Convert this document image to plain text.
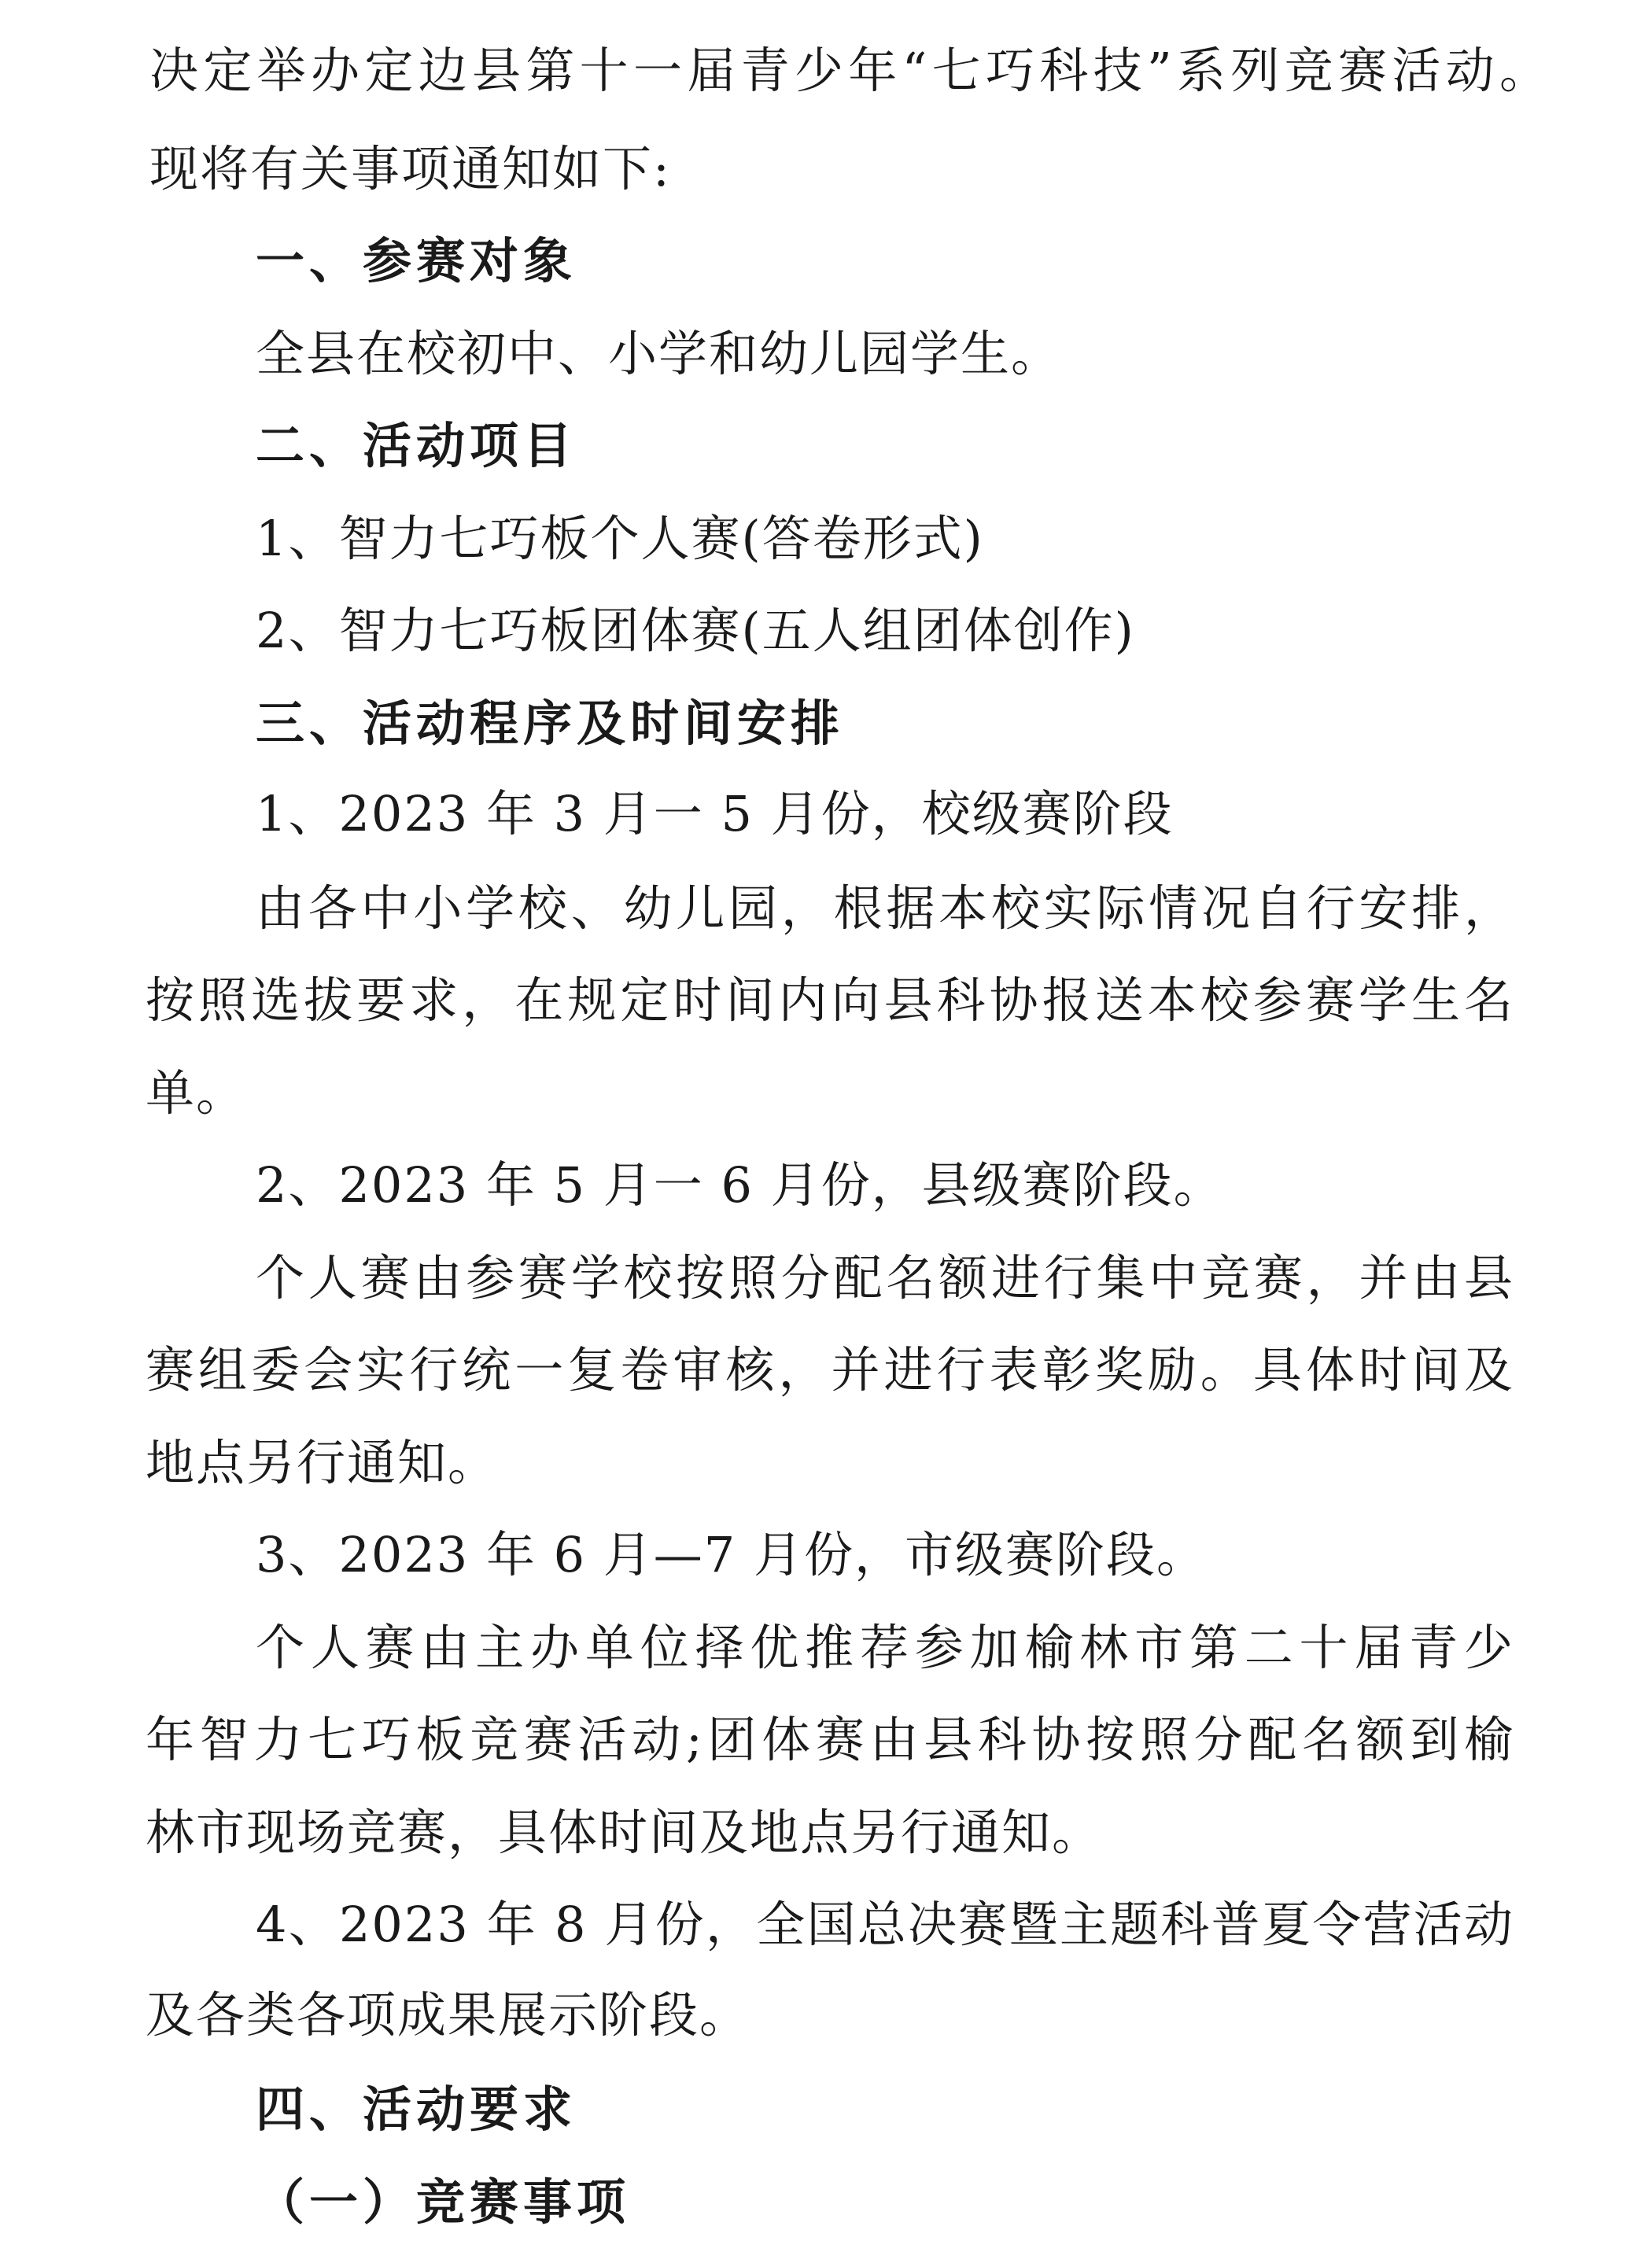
决定举办定边县第十一届青少年“七巧科技”系列竞赛活动。
现将有关事项通知如下:
一、参赛对象
全县在校初中、小学和幼儿园学生。
二、活动项目
1、智力七巧板个人赛(答卷形式)
2、智力七巧板团体赛(五人组团体创作)
三、活动程序及时间安排
1、2023 年 3 月一 5 月份，校级赛阶段
由各中小学校、幼儿园，根据本校实际情况自行安排，
按照选拔要求，在规定时间内向县科协报送本校参赛学生名
单。
2、2023 年 5 月一 6 月份，县级赛阶段。
个人赛由参赛学校按照分配名额进行集中竞赛，并由县
赛组委会实行统一复卷审核，并进行表彰奖励。具体时间及
地点另行通知。
3、2023 年 6 月—7 月份，市级赛阶段。
个人赛由主办单位择优推荐参加榆林市第二十届青少
年智力七巧板竞赛活动;团体赛由县科协按照分配名额到榆
林市现场竞赛，具体时间及地点另行通知。
4、2023 年 8 月份，全国总决赛暨主题科普夏令营活动
及各类各项成果展示阶段。
四、活动要求
（一）竞赛事项
